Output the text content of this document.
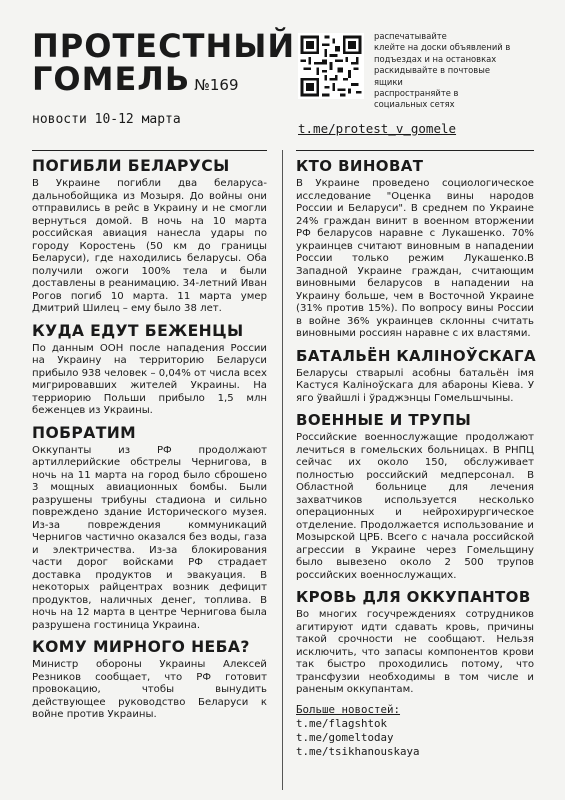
ПРОТЕСТНЫЙ
ГОМЕЛЬ №169
новости 10-12 марта
распечатывайте
клейте на доски объявлений в
подъездах и на остановках
раскидывайте в почтовые
ящики
распространяйте в
социальных сетях
t.me/protest_v_gomele
ПОГИБЛИ БЕЛАРУСЫ

В Украине погибли два беларуса-дальнобойщика из Мозыря. До войны они отправились в рейс в Украину и не смогли вернуться домой. В ночь на 10 марта российская авиация нанесла удары по городу Коростень (50 км до границы Беларуси), где находились беларусы. Оба получили ожоги 100% тела и были доставлены в реанимацию. 34-летний Иван Рогов погиб 10 марта. 11 марта умер Дмитрий Шилец – ему было 38 лет.

КУДА ЕДУТ БЕЖЕНЦЫ

По данным ООН после нападения России на Украину на территорию Беларуси прибыло 938 человек – 0,04% от числа всех мигрировавших жителей Украины. На терриорию Польши прибыло 1,5 млн беженцев из Украины.

ПОБРАТИМ

Оккупанты из РФ продолжают артиллерийские обстрелы Чернигова, в ночь на 11 марта на город было сброшено 3 мощных авиационных бомбы. Были разрушены трибуны стадиона и сильно повреждено здание Исторического музея. Из-за повреждения коммуникаций Чернигов частично оказался без воды, газа и электричества. Из-за блокирования части дорог войсками РФ страдает доставка продуктов и эвакуация. В некоторых райцентрах возник дефицит продуктов, наличных денег, топлива. В ночь на 12 марта в центре Чернигова была разрушена гостиница Украина.

КОМУ МИРНОГО НЕБА?

Министр обороны Украины Алексей Резников сообщает, что РФ готовит провокацию, чтобы вынудить действующее руководство Беларуси к войне против Украины.

КТО ВИНОВАТ

В Украине проведено социологическое исследование "Оценка вины народов России и Беларуси". В среднем по Украине 24% граждан винит в военном вторжении РФ беларусов наравне с Лукашенко. 70% украинцев считают виновным в нападении России только режим Лукашенко.В Западной Украине граждан, считающим виновными беларусов в нападении на Украину больше, чем в Восточной Украине (31% против 15%). По вопросу вины России в войне 36% украинцев склонны считать виновными россиян наравне с их властями.

БАТАЛЬЁН КАЛІНОЎСКАГА

Беларусы стварылі асобны батальён імя Кастуся Каліноўскага для абароны Кіева. У яго ўвайшлі і ўраджэнцы Гомельшчыны.

ВОЕННЫЕ И ТРУПЫ

Российские военнослужащие продолжают лечиться в гомельских больницах. В РНПЦ сейчас их около 150, обслуживает полностью российский медперсонал. В Областной больнице для лечения захватчиков используется несколько операционных и нейрохирургическое отделение. Продолжается использование и Мозырской ЦРБ. Всего с начала российской агрессии в Украине через Гомельщину было вывезено около 2 500 трупов российских военнослужащих.

КРОВЬ ДЛЯ ОККУПАНТОВ

Во многих госучреждениях сотрудников агитируют идти сдавать кровь, причины такой срочности не сообщают. Нельзя исключить, что запасы компонентов крови так быстро проходились потому, что трансфузии необходимы в том числе и раненым оккупантам.

Больше новостей:t.me/flagshtok
t.me/gomeltoday
t.me/tsikhanouskaya
